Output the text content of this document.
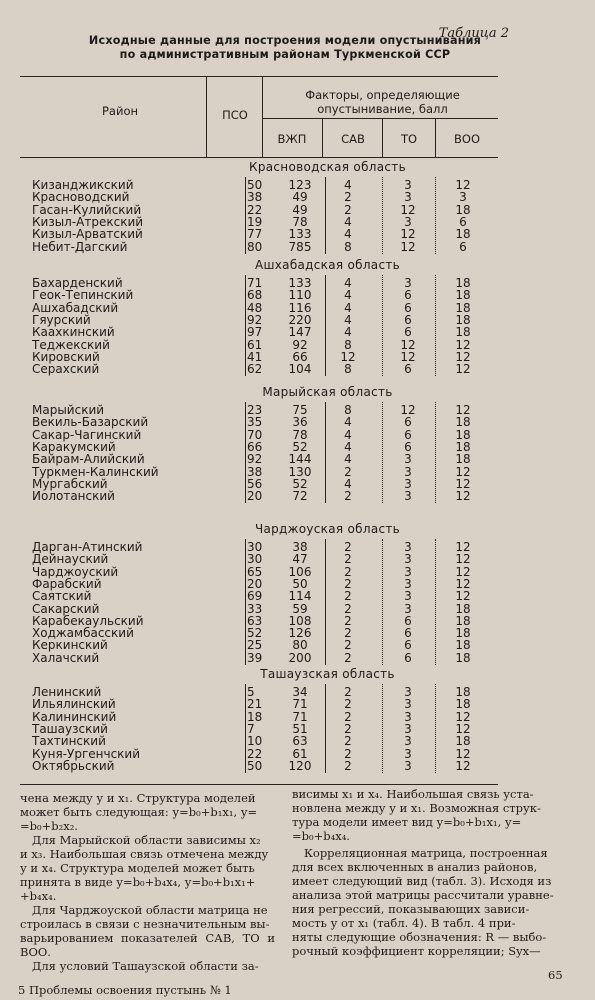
Таблица 2
Исходные данные для построения модели опустынивания
по административным районам Туркменской ССР
Район	ПСО
Факторы, определяющие
опустынивание, балл
ВЖП	САВ	ТО	ВОО
Красноводская область
Кизанджикский	50	123	4	3	12
Красноводский	38	49	2	3	3
Гасан-Кулийский	22	49	2	12	18
Кизыл-Атрекский	19	78	4	3	6
Кизыл-Арватский	77	133	4	12	18
Небит-Дагский	80	785	8	12	6
Ашхабадская область
Бахарденский	71	133	4	3	18
Геок-Тепинский	68	110	4	6	18
Ашхабадский	48	116	4	6	18
Гяурский	92	220	4	6	18
Каахкинский	97	147	4	6	18
Теджекский	61	92	8	12	12
Кировский	41	66	12	12	12
Серахский	62	104	8	6	12
Марыйская область
Марыйский	23	75	8	12	12
Векиль-Базарский	35	36	4	6	18
Сакар-Чагинский	70	78	4	6	18
Каракумский	66	52	4	6	18
Байрам-Алийский	92	144	4	3	18
Туркмен-Калинский	38	130	2	3	12
Мургабский	56	52	4	3	12
Иолотанский	20	72	2	3	12
Чарджоуская область
Дарган-Атинский	30	38	2	3	12
Дейнауский	30	47	2	3	12
Чарджоуский	65	106	2	3	12
Фарабский	20	50	2	3	12
Саятский	69	114	2	3	12
Сакарский	33	59	2	3	18
Карабекаульский	63	108	2	6	18
Ходжамбасский	52	126	2	6	18
Керкинский	25	80	2	6	18
Халачский	39	200	2	6	18
Ташаузская область
Ленинский	5	34	2	3	18
Ильялинский	21	71	2	3	18
Калининский	18	71	2	3	12
Ташаузский	7	51	2	3	12
Тахтинский	10	63	2	3	18
Куня-Ургенчский	22	61	2	3	12
Октябрьский	50	120	2	3	12
чена между у и x₁. Структура моделей
может быть следующая: у=b₀+b₁x₁, у=
=b₀+b₂x₂.
Для Марыйской области зависимы x₂
и x₃. Наибольшая связь отмечена между
у и x₄. Структура моделей может быть
принята в виде у=b₀+b₄x₄, у=b₀+b₁x₁+
+b₄x₄.
Для Чарджоуской области матрица не
строилась в связи с незначительным вы-
варьированием показателей САВ, ТО и ВОО.
Для условий Ташаузской области за-
висимы x₁ и x₄. Наибольшая связь уста-
новлена между у и x₁. Возможная струк-
тура модели имеет вид у=b₀+b₁x₁, у=
=b₀+b₄x₄.
Корреляционная матрица, построенная
для всех включенных в анализ районов,
имеет следующий вид (табл. 3). Исходя из
анализа этой матрицы рассчитали уравне-
ния регрессий, показывающих зависи-
мость у от x₁ (табл. 4). В табл. 4 при-
няты следующие обозначения: R — выбо-
рочный коэффициент корреляции; Syx—
5 Проблемы освоения пустынь № 1
65
